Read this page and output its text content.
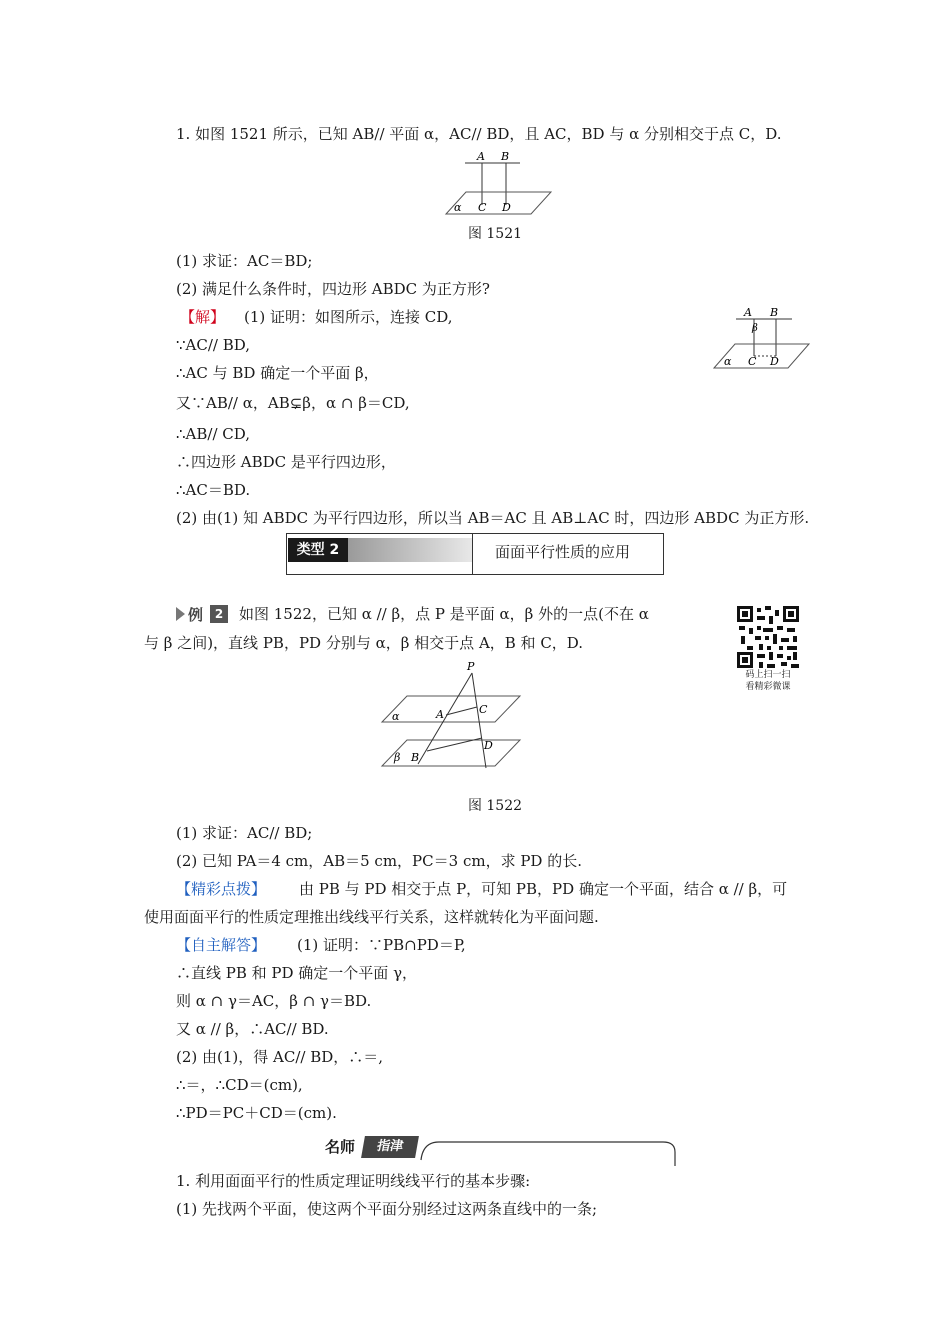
1. 如图 1521 所示，已知 AB// 平面 α，AC// BD，且 AC，BD 与 α 分别相交于点 C，D.
A B
α C D
图 1521
(1) 求证：AC＝BD;
(2) 满足什么条件时，四边形 ABDC 为正方形?
【解】 (1) 证明：如图所示，连接 CD,
∵AC// BD,
∴AC 与 BD 确定一个平面 β，
又∵AB// α，AB⊊β，α ∩ β＝CD,
∴AB// CD,
∴四边形 ABDC 是平行四边形，
∴AC＝BD.
(2) 由(1) 知 ABDC 为平行四边形，所以当 AB＝AC 且 AB⊥AC 时，四边形 ABDC 为正方形.
A B
β
α C D
类型 2	面面平行性质的应用
例 2	如图 1522，已知 α // β，点 P 是平面 α，β 外的一点(不在 α
与 β 之间)，直线 PB，PD 分别与 α，β 相交于点 A，B 和 C，D.
码上扫一扫
看精彩微课
P
A	C
α
β B
D
图 1522
(1) 求证：AC// BD;
(2) 已知 PA＝4 cm，AB＝5 cm，PC＝3 cm，求 PD 的长.
【精彩点拨】 由 PB 与 PD 相交于点 P，可知 PB，PD 确定一个平面，结合 α // β，可
使用面面平行的性质定理推出线线平行关系，这样就转化为平面问题.
【自主解答】 (1) 证明：∵PB∩PD＝P,
∴直线 PB 和 PD 确定一个平面 γ，
则 α ∩ γ＝AC，β ∩ γ＝BD.
又 α // β，∴AC// BD.
(2) 由(1)，得 AC// BD，∴＝,
∴＝，∴CD＝(cm),
∴PD＝PC＋CD＝(cm).
名师	指津
1. 利用面面平行的性质定理证明线线平行的基本步骤:
(1) 先找两个平面，使这两个平面分别经过这两条直线中的一条;
